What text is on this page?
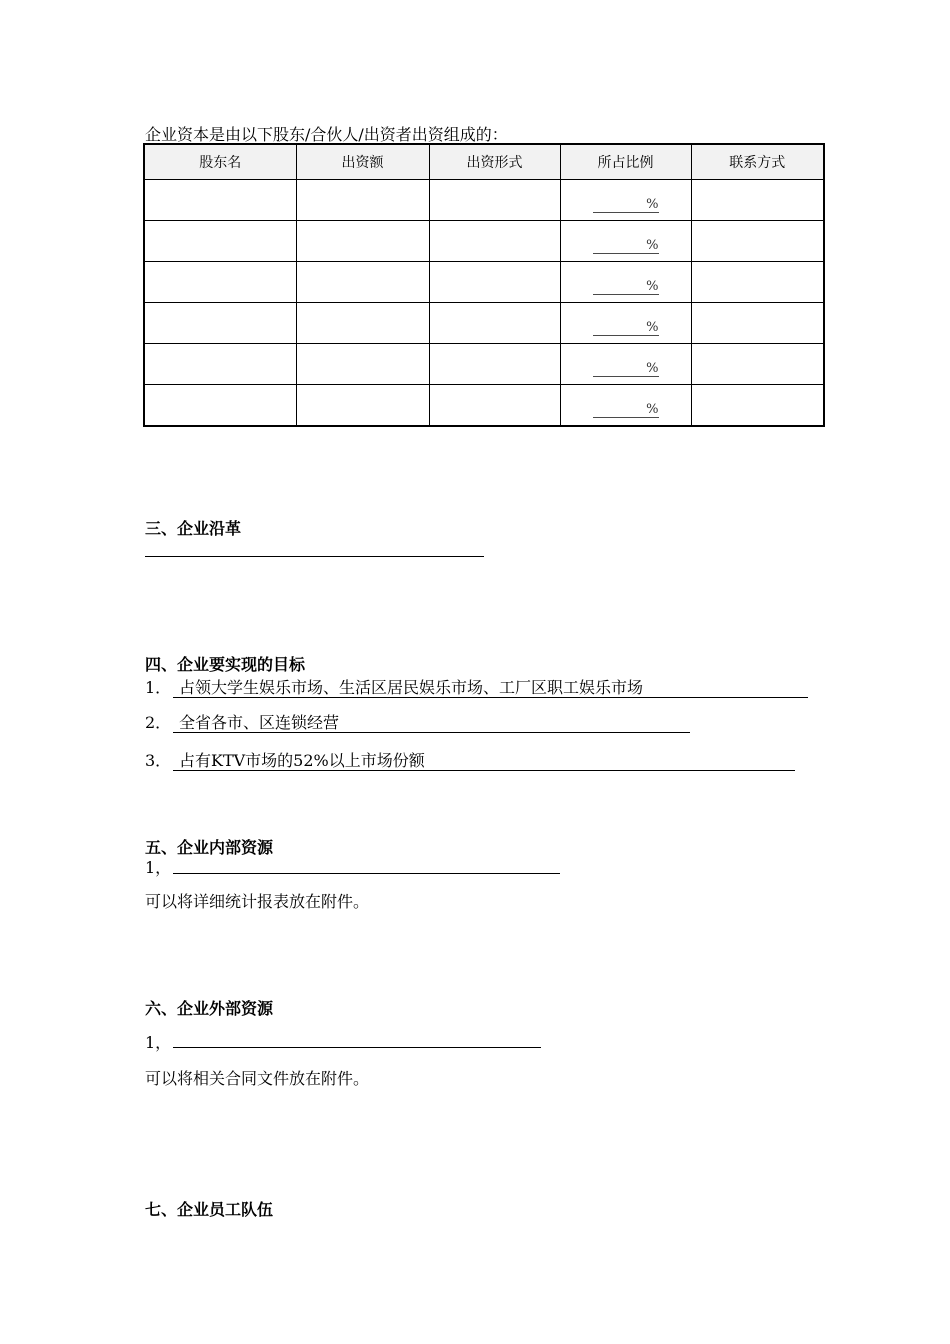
企业资本是由以下股东/合伙人/出资者出资组成的：
股东名	出资额	出资形式	所占比例	联系方式
			%	
			%	
			%	
			%	
			%	
			%	
三、企业沿革
四、企业要实现的目标
1． 占领大学生娱乐市场、生活区居民娱乐市场、工厂区职工娱乐市场
2． 全省各市、区连锁经营
3． 占有KTV市场的52%以上市场份额
五、企业内部资源
1，
可以将详细统计报表放在附件。
六、企业外部资源
1，
可以将相关合同文件放在附件。
七、企业员工队伍
